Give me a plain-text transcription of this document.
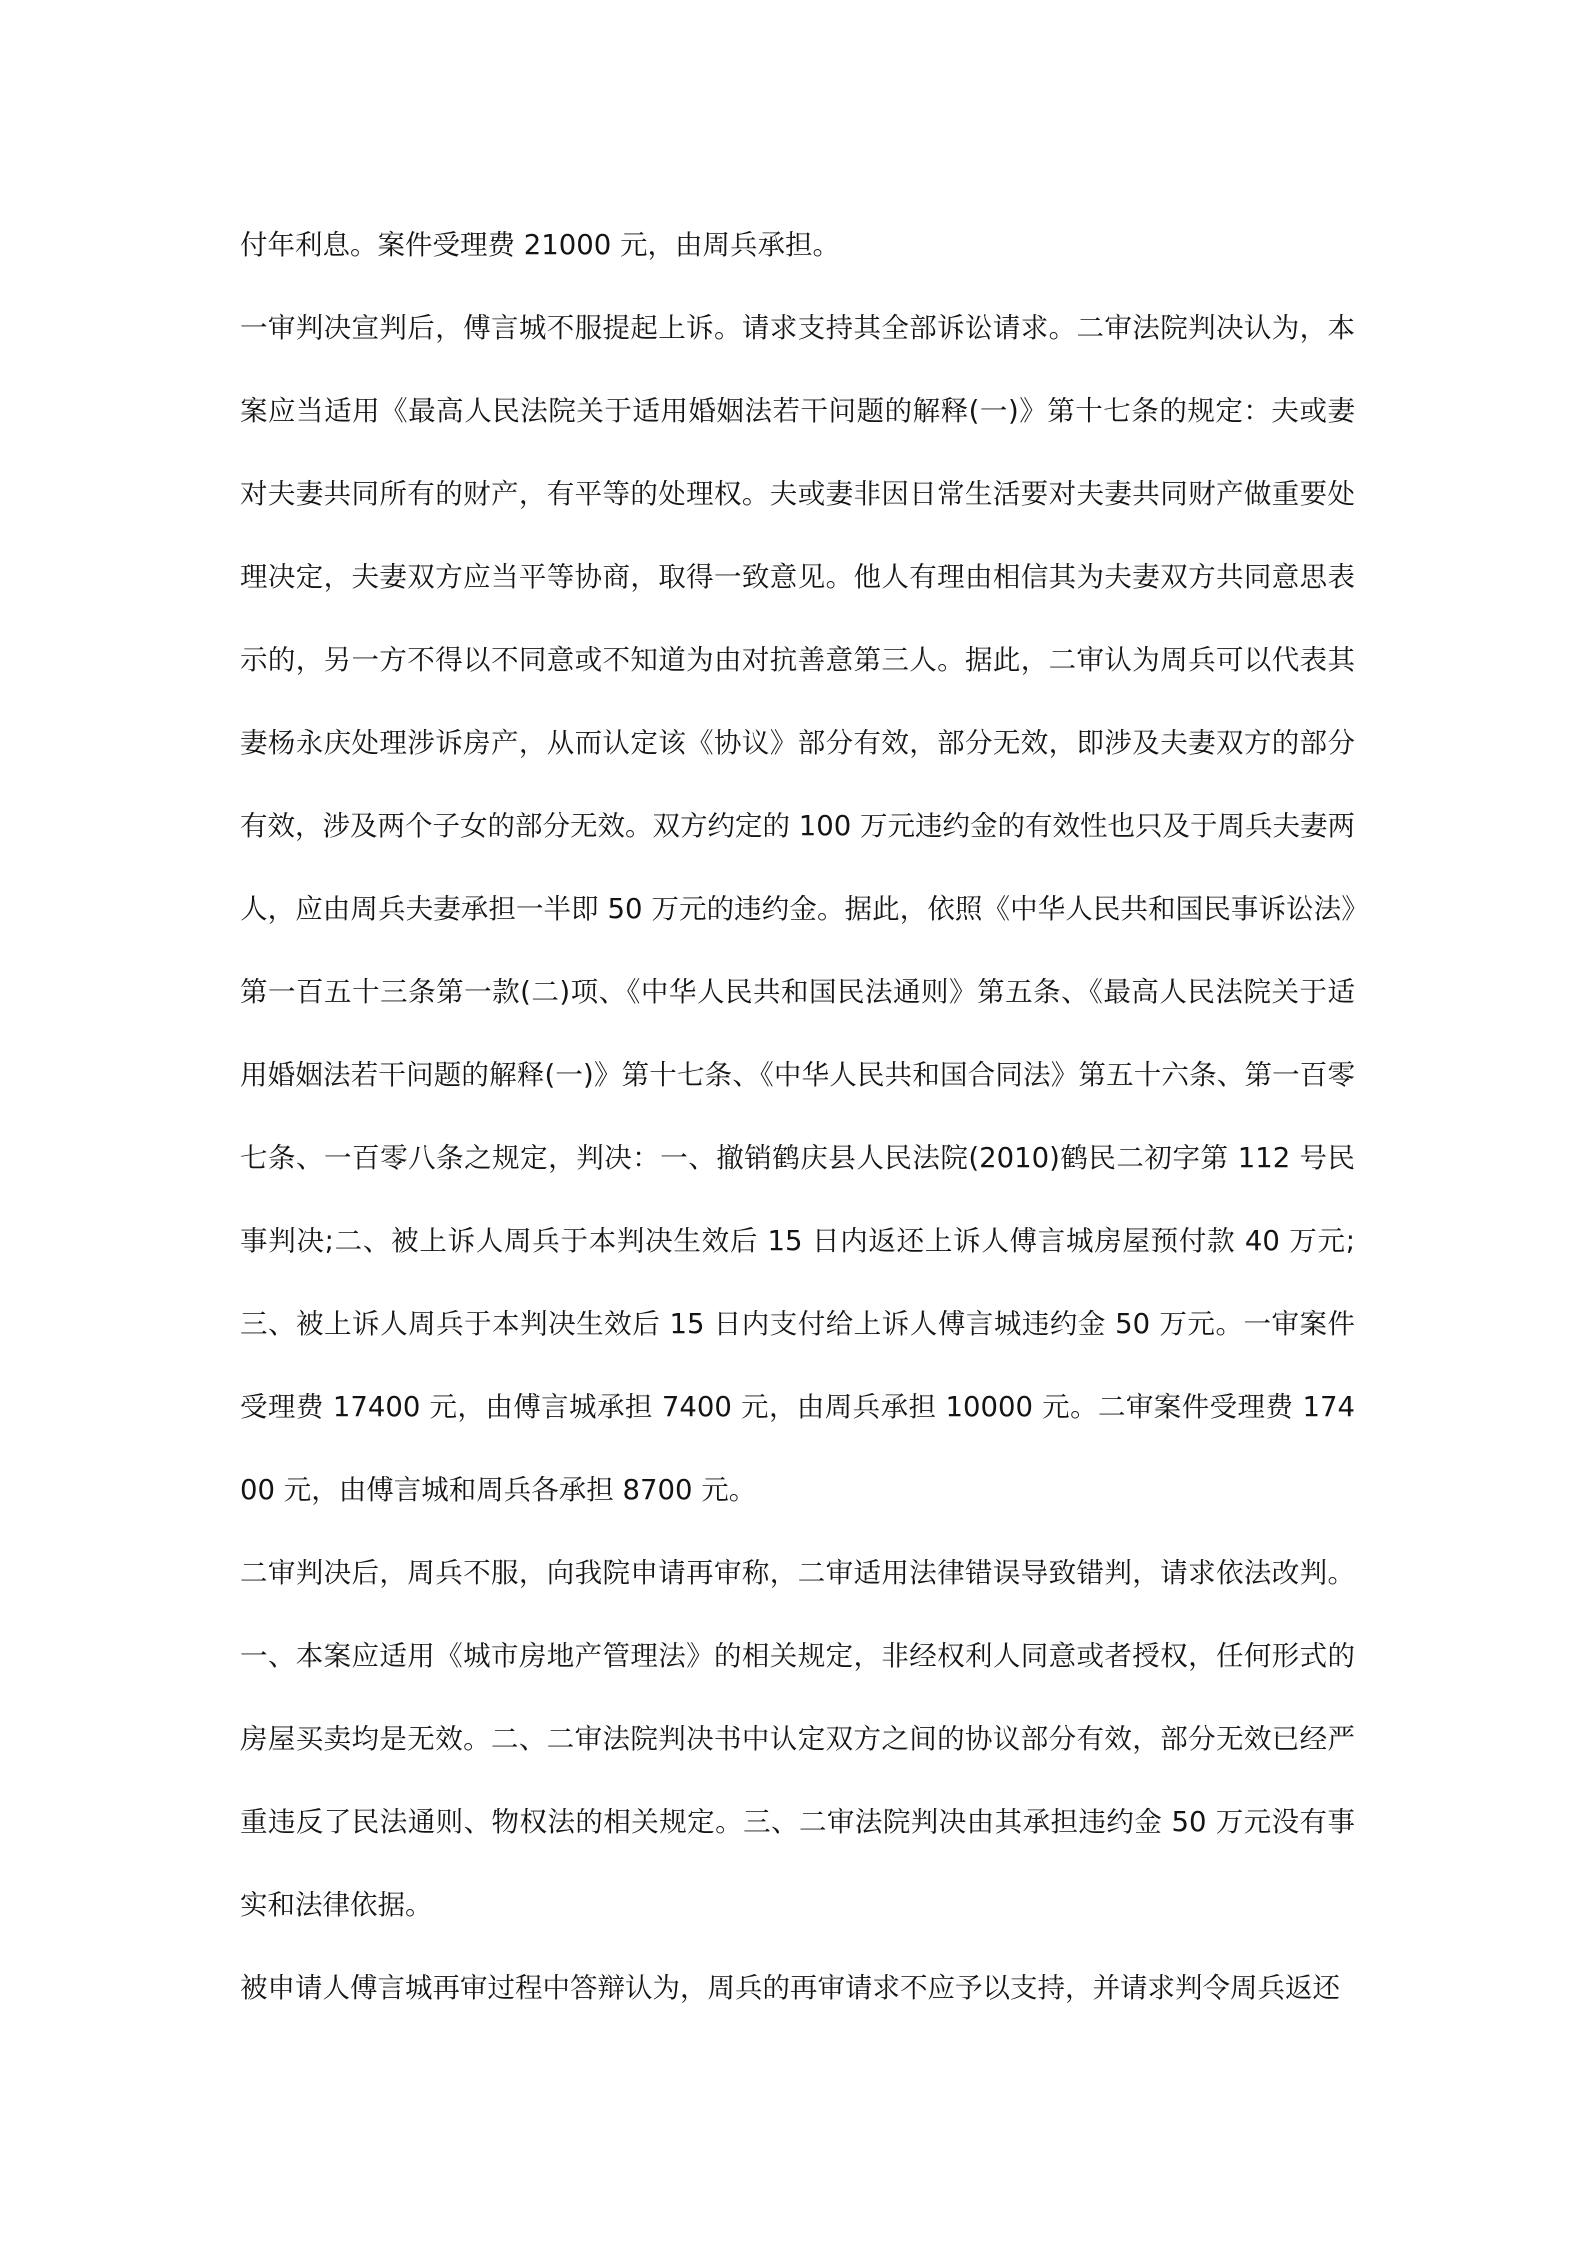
付年利息。案件受理费 21000 元，由周兵承担。

一审判决宣判后，傅言城不服提起上诉。请求支持其全部诉讼请求。二审法院判决认为，本案应当适用《最高人民法院关于适用婚姻法若干问题的解释(一)》第十七条的规定：夫或妻对夫妻共同所有的财产，有平等的处理权。夫或妻非因日常生活要对夫妻共同财产做重要处理决定，夫妻双方应当平等协商，取得一致意见。他人有理由相信其为夫妻双方共同意思表示的，另一方不得以不同意或不知道为由对抗善意第三人。据此，二审认为周兵可以代表其妻杨永庆处理涉诉房产，从而认定该《协议》部分有效，部分无效，即涉及夫妻双方的部分有效，涉及两个子女的部分无效。双方约定的 100 万元违约金的有效性也只及于周兵夫妻两人，应由周兵夫妻承担一半即 50 万元的违约金。据此，依照《中华人民共和国民事诉讼法》第一百五十三条第一款(二)项、《中华人民共和国民法通则》第五条、《最高人民法院关于适用婚姻法若干问题的解释(一)》第十七条、《中华人民共和国合同法》第五十六条、第一百零七条、一百零八条之规定，判决：一、撤销鹤庆县人民法院(2010)鹤民二初字第 112 号民事判决;二、被上诉人周兵于本判决生效后 15 日内返还上诉人傅言城房屋预付款 40 万元;三、被上诉人周兵于本判决生效后 15 日内支付给上诉人傅言城违约金 50 万元。一审案件受理费 17400 元，由傅言城承担 7400 元，由周兵承担 10000 元。二审案件受理费 17400 元，由傅言城和周兵各承担 8700 元。

二审判决后，周兵不服，向我院申请再审称，二审适用法律错误导致错判，请求依法改判。一、本案应适用《城市房地产管理法》的相关规定，非经权利人同意或者授权，任何形式的房屋买卖均是无效。二、二审法院判决书中认定双方之间的协议部分有效，部分无效已经严重违反了民法通则、物权法的相关规定。三、二审法院判决由其承担违约金 50 万元没有事实和法律依据。

被申请人傅言城再审过程中答辩认为，周兵的再审请求不应予以支持，并请求判令周兵返还
